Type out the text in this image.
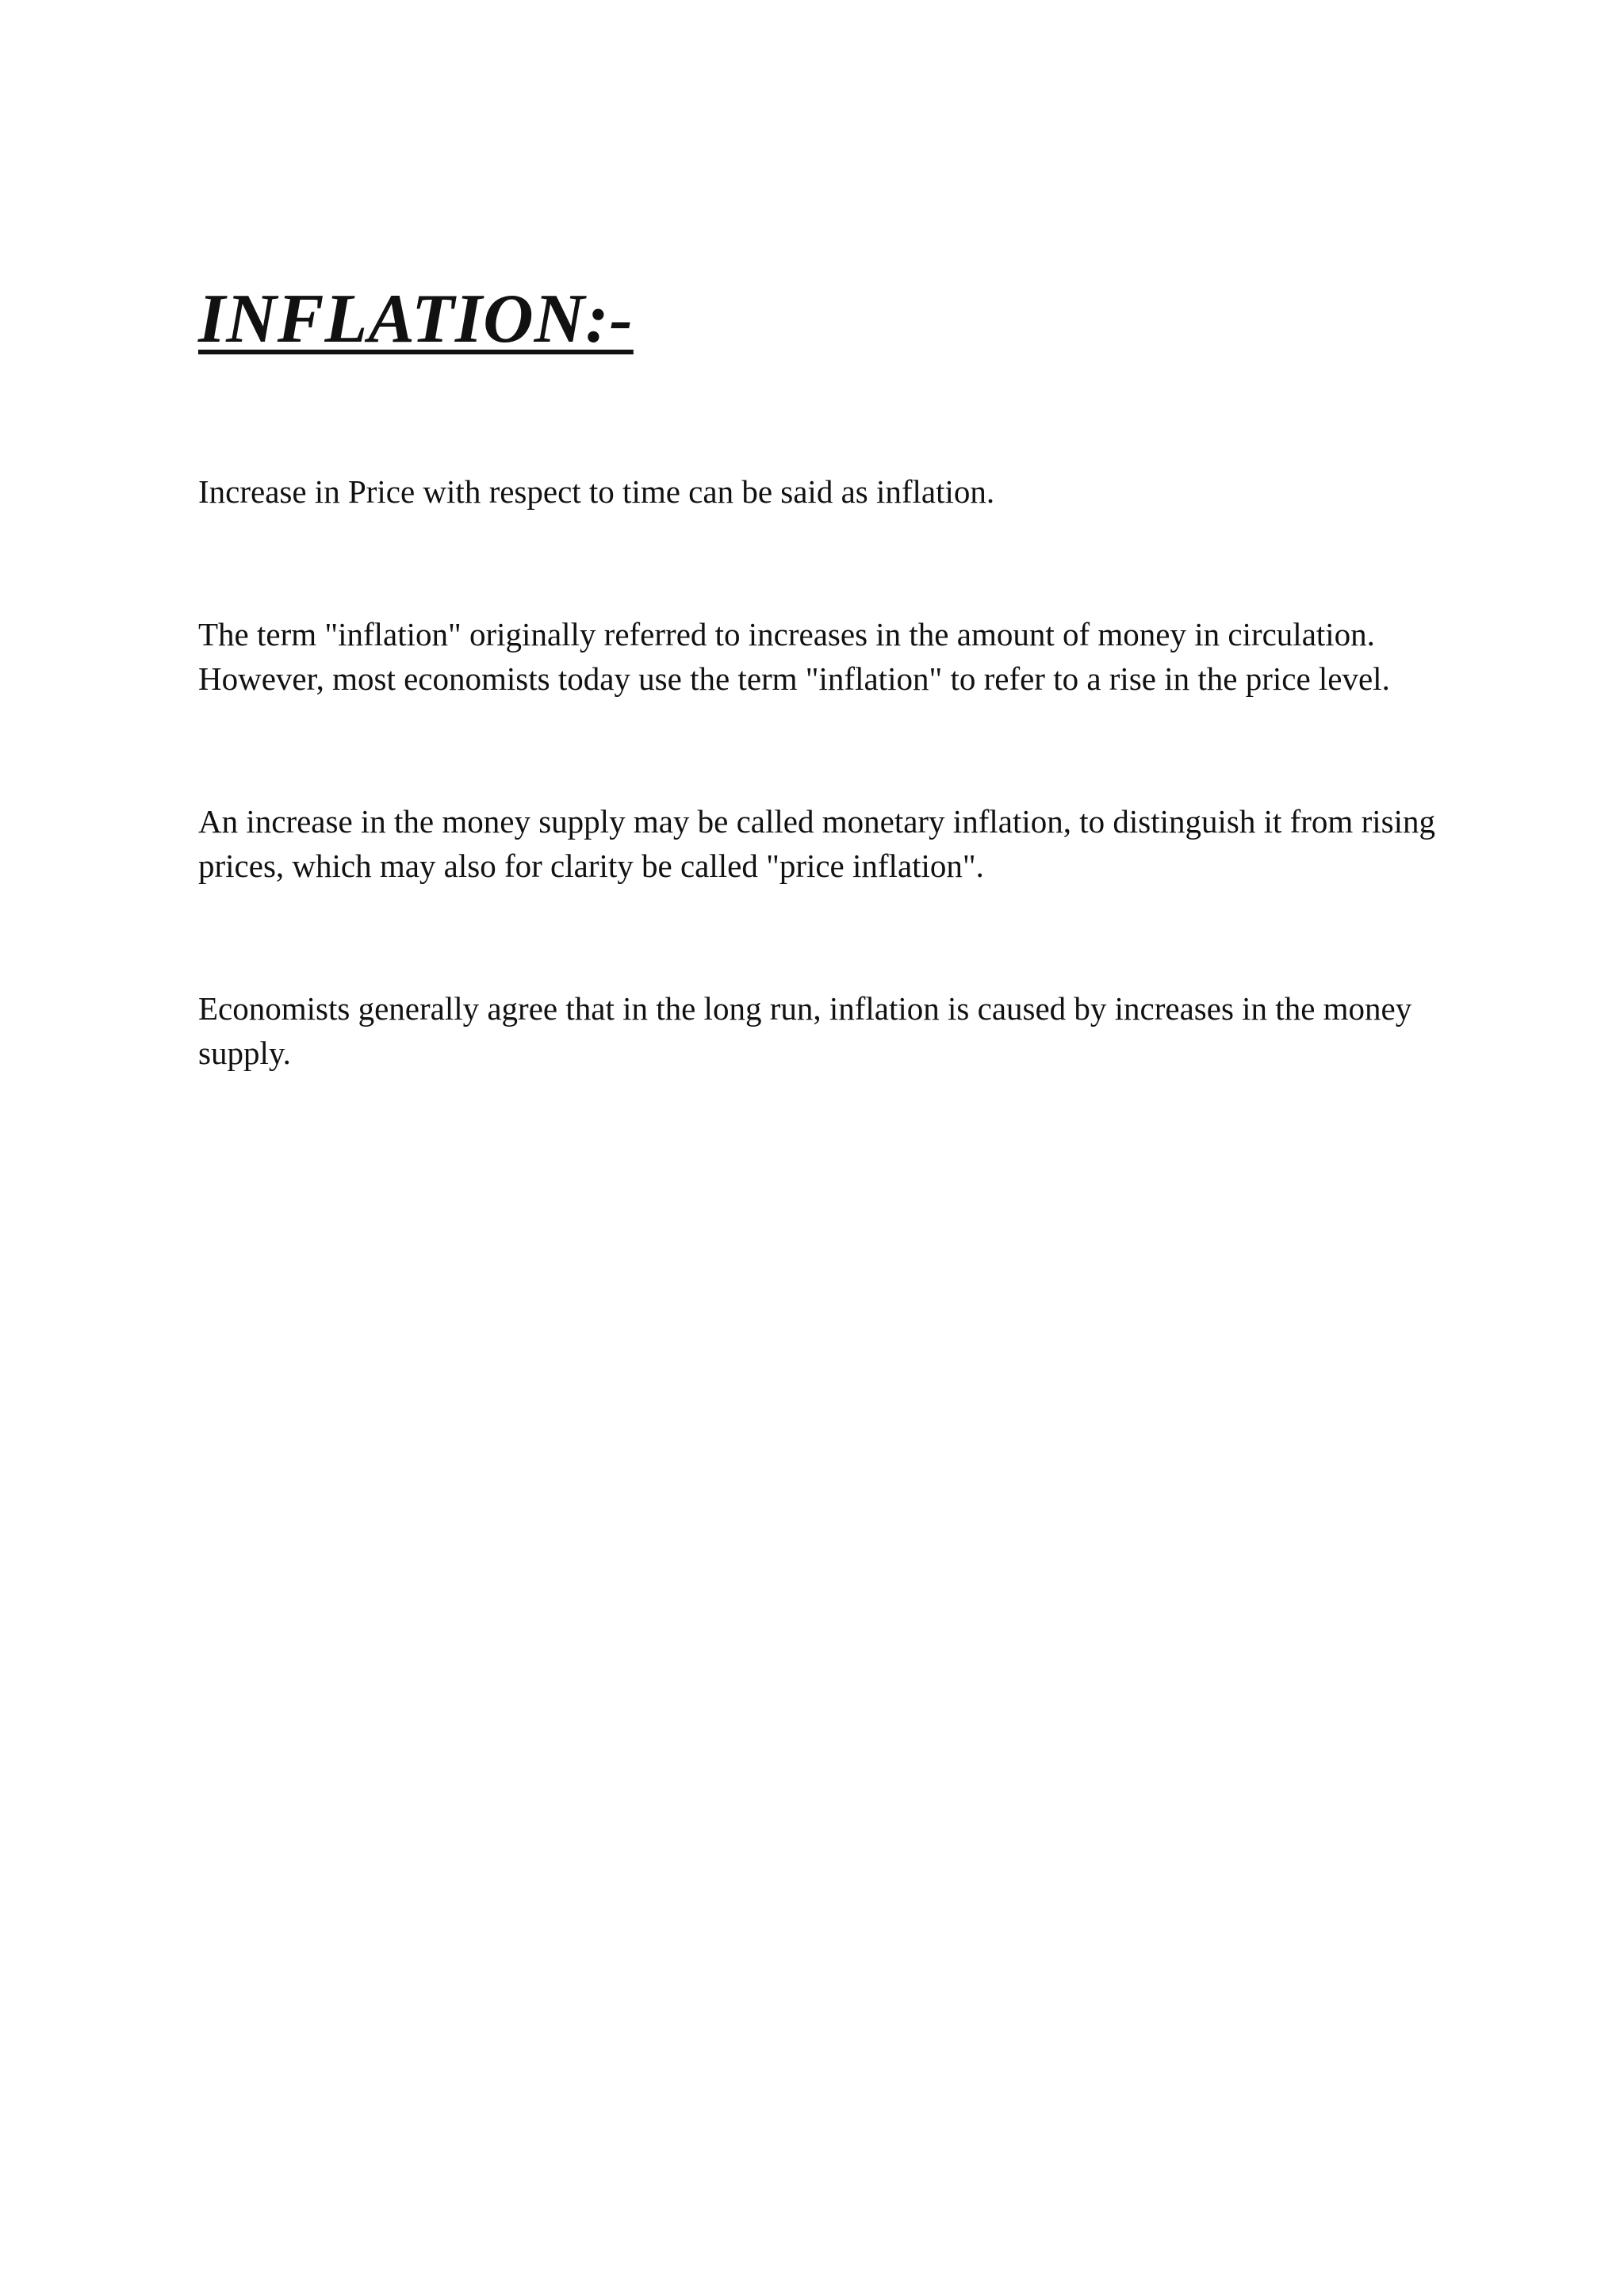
INFLATION:-

Increase in Price with respect to time can be said as inflation.

The term "inflation" originally referred to increases in the amount of money in circulation. However, most economists today use the term "inflation" to refer to a rise in the price level.

An increase in the money supply may be called monetary inflation, to distinguish it from rising prices, which may also for clarity be called "price inflation".

Economists generally agree that in the long run, inflation is caused by increases in the money supply.
